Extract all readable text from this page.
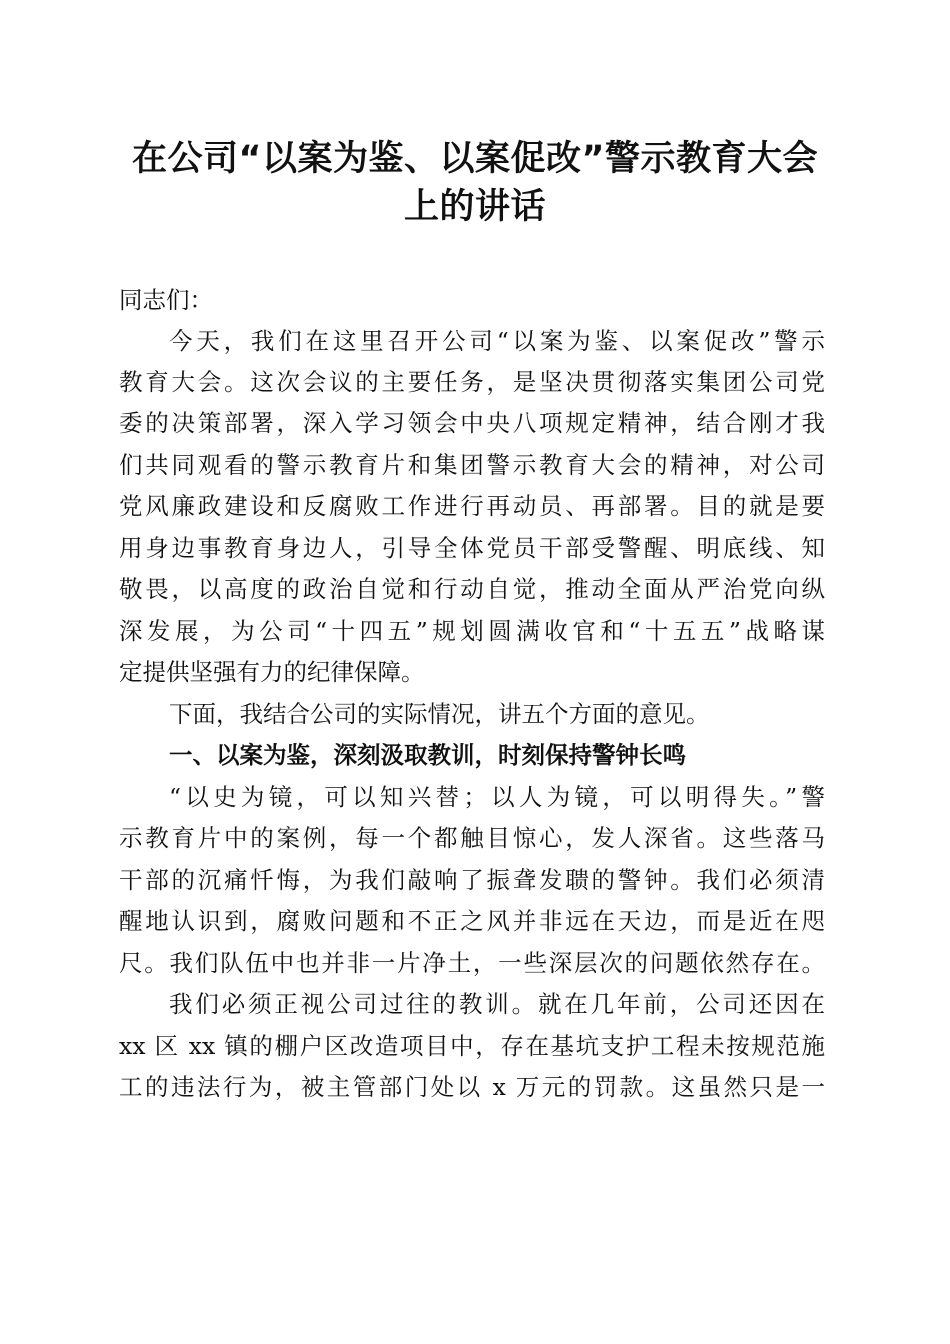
在公司“以案为鉴、以案促改”警示教育大会
上的讲话
同志们：
今天，我们在这里召开公司“以案为鉴、以案促改”警示
教育大会。这次会议的主要任务，是坚决贯彻落实集团公司党
委的决策部署，深入学习领会中央八项规定精神，结合刚才我
们共同观看的警示教育片和集团警示教育大会的精神，对公司
党风廉政建设和反腐败工作进行再动员、再部署。目的就是要
用身边事教育身边人，引导全体党员干部受警醒、明底线、知
敬畏，以高度的政治自觉和行动自觉，推动全面从严治党向纵
深发展，为公司“十四五”规划圆满收官和“十五五”战略谋
定提供坚强有力的纪律保障。
下面，我结合公司的实际情况，讲五个方面的意见。
一、以案为鉴，深刻汲取教训，时刻保持警钟长鸣
“以史为镜，可以知兴替；以人为镜，可以明得失。”警
示教育片中的案例，每一个都触目惊心，发人深省。这些落马
干部的沉痛忏悔，为我们敲响了振聋发聩的警钟。我们必须清
醒地认识到，腐败问题和不正之风并非远在天边，而是近在咫
尺。我们队伍中也并非一片净土，一些深层次的问题依然存在。
我们必须正视公司过往的教训。就在几年前，公司还因在
xx 区 xx 镇的棚户区改造项目中，存在基坑支护工程未按规范施
工的违法行为，被主管部门处以 x 万元的罚款。这虽然只是一
